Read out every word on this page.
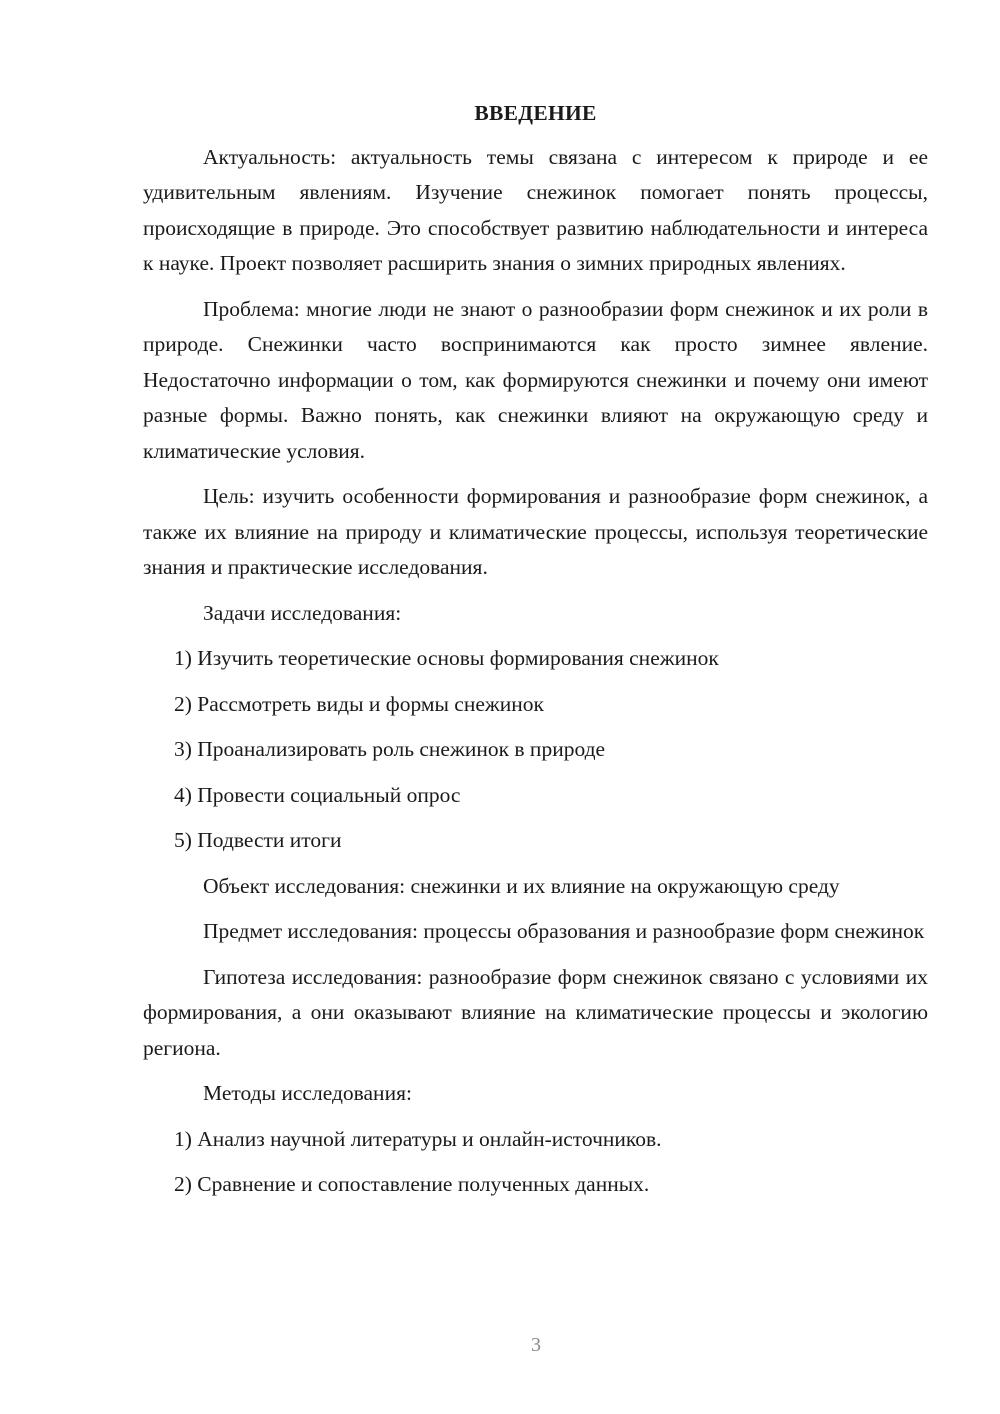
ВВЕДЕНИЕ

Актуальность: актуальность темы связана с интересом к природе и ее удивительным явлениям. Изучение снежинок помогает понять процессы, происходящие в природе. Это способствует развитию наблюдательности и интереса к науке. Проект позволяет расширить знания о зимних природных явлениях.

Проблема: многие люди не знают о разнообразии форм снежинок и их роли в природе. Снежинки часто воспринимаются как просто зимнее явление. Недостаточно информации о том, как формируются снежинки и почему они имеют разные формы. Важно понять, как снежинки влияют на окружающую среду и климатические условия.

Цель: изучить особенности формирования и разнообразие форм снежинок, а также их влияние на природу и климатические процессы, используя теоретические знания и практические исследования.

Задачи исследования:

1) Изучить теоретические основы формирования снежинок

2) Рассмотреть виды и формы снежинок

3) Проанализировать роль снежинок в природе

4) Провести социальный опрос

5) Подвести итоги

Объект исследования: снежинки и их влияние на окружающую среду

Предмет исследования: процессы образования и разнообразие форм снежинок

Гипотеза исследования: разнообразие форм снежинок связано с условиями их формирования, а они оказывают влияние на климатические процессы и экологию региона.

Методы исследования:

1) Анализ научной литературы и онлайн-источников.

2) Сравнение и сопоставление полученных данных.

3
